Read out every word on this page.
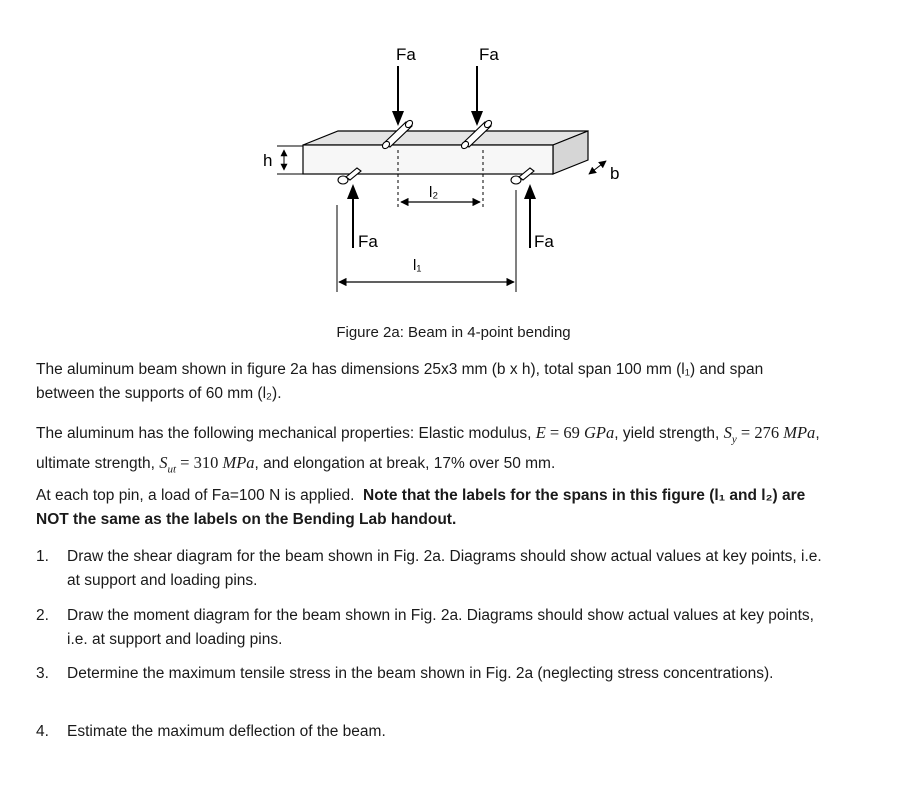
Fa	Fa
l₂
Fa	Fa
l₁
h
b
Figure 2a: Beam in 4-point bending

The aluminum beam shown in figure 2a has dimensions 25x3 mm (b x h), total span 100 mm (l₁) and span between the supports of 60 mm (l₂).

The aluminum has the following mechanical properties: Elastic modulus, E = 69 GPa, yield strength, $S_y = 276$ MPa, ultimate strength, $S_{ut} = 310$ MPa, and elongation at break, 17% over 50 mm.

At each top pin, a load of Fa=100 N is applied. Note that the labels for the spans in this figure (l₁ and l₂) are NOT the same as the labels on the Bending Lab handout.

1. Draw the shear diagram for the beam shown in Fig. 2a. Diagrams should show actual values at key points, i.e. at support and loading pins.
2. Draw the moment diagram for the beam shown in Fig. 2a. Diagrams should show actual values at key points, i.e. at support and loading pins.
3. Determine the maximum tensile stress in the beam shown in Fig. 2a (neglecting stress concentrations).
4. Estimate the maximum deflection of the beam.
